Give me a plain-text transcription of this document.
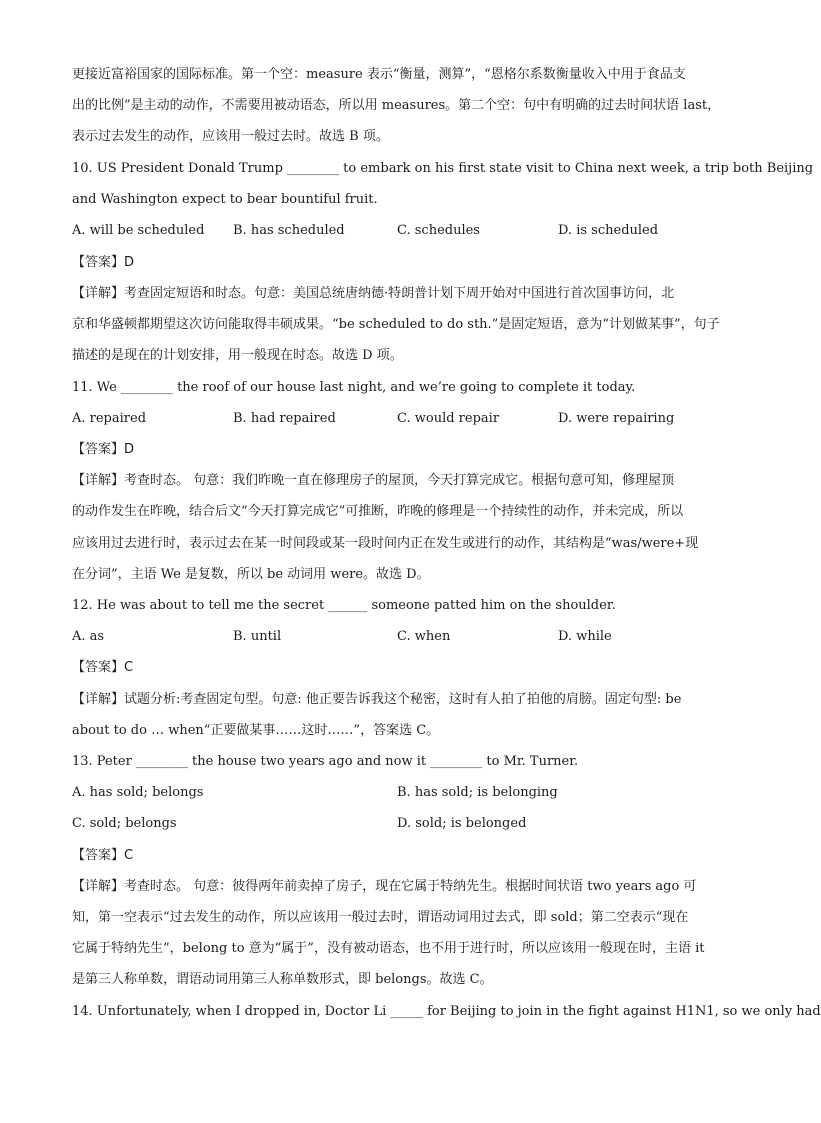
更接近富裕国家的国际标准。第一个空：measure 表示“衡量，测算”，“恩格尔系数衡量收入中用于食品支
出的比例”是主动的动作，不需要用被动语态，所以用 measures。第二个空：句中有明确的过去时间状语 last，
表示过去发生的动作，应该用一般过去时。故选 B 项。
10. US President Donald Trump ________ to embark on his first state visit to China next week, a trip both Beijing
and Washington expect to bear bountiful fruit.
A. will be scheduled B. has scheduled	C. schedules	D. is scheduled
【答案】D
【详解】考查固定短语和时态。句意：美国总统唐纳德·特朗普计划下周开始对中国进行首次国事访问，北
京和华盛顿都期望这次访问能取得丰硕成果。“be scheduled to do sth.”是固定短语，意为“计划做某事”，句子
描述的是现在的计划安排，用一般现在时态。故选 D 项。
11. We ________ the roof of our house last night, and we’re going to complete it today.
A. repaired	B. had repaired	C. would repair	D. were repairing
【答案】D
【详解】考查时态。 句意：我们昨晚一直在修理房子的屋顶，今天打算完成它。根据句意可知，修理屋顶
的动作发生在昨晚，结合后文“今天打算完成它”可推断，昨晚的修理是一个持续性的动作，并未完成，所以
应该用过去进行时，表示过去在某一时间段或某一段时间内正在发生或进行的动作，其结构是“was/were+现
在分词”，主语 We 是复数，所以 be 动词用 were。故选 D。
12. He was about to tell me the secret ______ someone patted him on the shoulder.
A. as	B. until	C. when	D. while
【答案】C
【详解】试题分析:考查固定句型。句意: 他正要告诉我这个秘密，这时有人拍了拍他的肩膀。固定句型: be
about to do … when“正要做某事……这时……”，答案选 C。
13. Peter ________ the house two years ago and now it ________ to Mr. Turner.
A. has sold; belongs	B. has sold; is belonging
C. sold; belongs	D. sold; is belonged
【答案】C
【详解】考查时态。 句意：彼得两年前卖掉了房子，现在它属于特纳先生。根据时间状语 two years ago 可
知，第一空表示“过去发生的动作，所以应该用一般过去时，谓语动词用过去式，即 sold；第二空表示“现在
它属于特纳先生”，belong to 意为“属于”，没有被动语态，也不用于进行时，所以应该用一般现在时，主语 it
是第三人称单数，谓语动词用第三人称单数形式，即 belongs。故选 C。
14. Unfortunately, when I dropped in, Doctor Li _____ for Beijing to join in the fight against H1N1, so we only had
